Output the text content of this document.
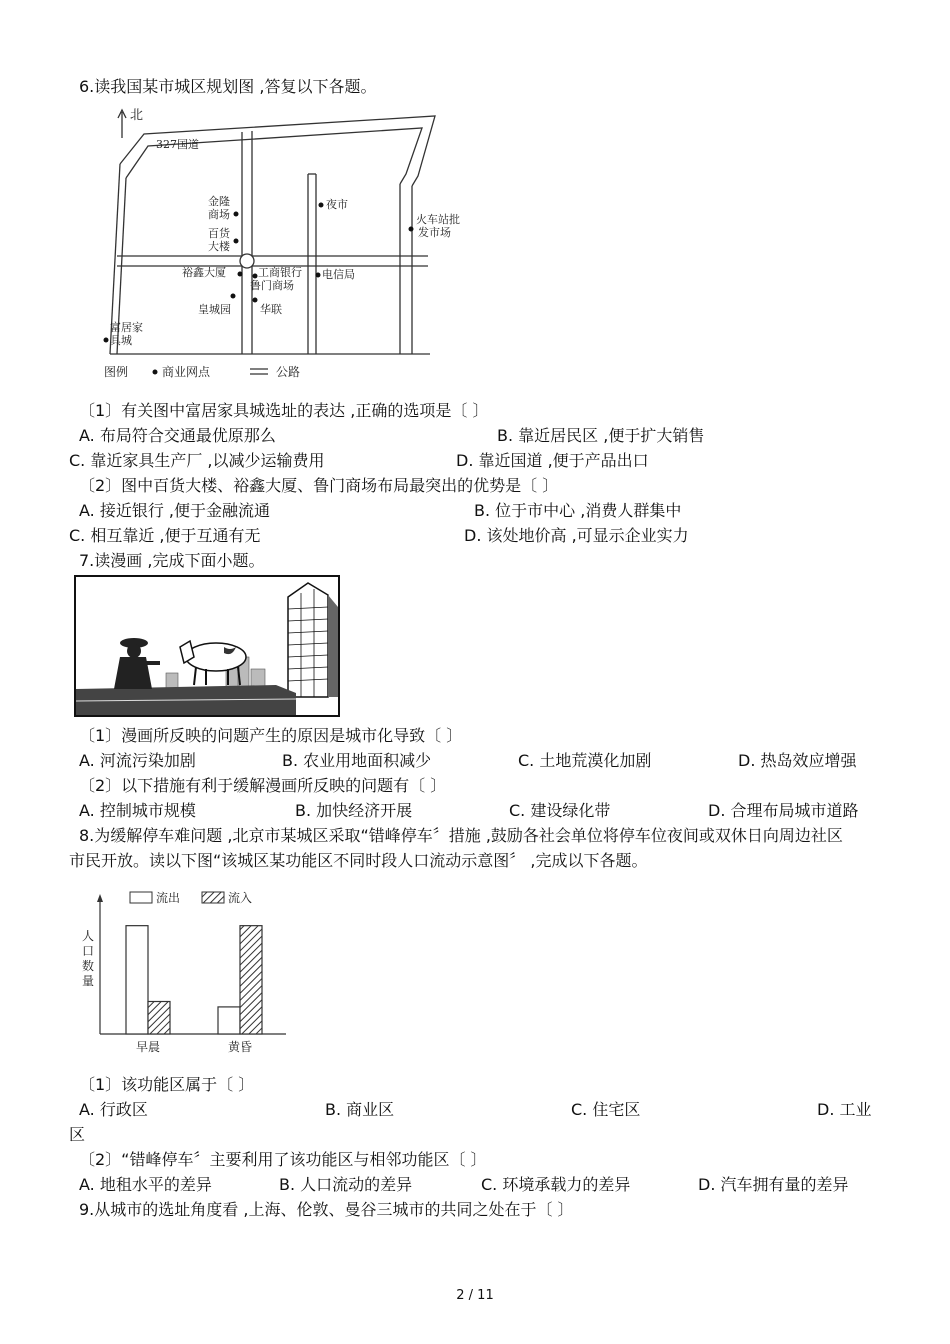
6.读我国某市城区规划图 ,答复以下各题。
北
327国道
金隆
商场
百货
大楼
夜市
火车站批
发市场
裕鑫大厦	工商银行
鲁门商场
电信局
皇城园	华联
富居家
具城
图例	商业网点	公路
〔1〕有关图中富居家具城选址的表达 ,正确的选项是〔 〕
A. 布局符合交通最优原那么	B. 靠近居民区 ,便于扩大销售
C. 靠近家具生产厂 ,以减少运输费用	D. 靠近国道 ,便于产品出口
〔2〕图中百货大楼、裕鑫大厦、鲁门商场布局最突出的优势是〔 〕
A. 接近银行 ,便于金融流通	B. 位于市中心 ,消费人群集中
C. 相互靠近 ,便于互通有无	D. 该处地价高 ,可显示企业实力
7.读漫画 ,完成下面小题。
〔1〕漫画所反映的问题产生的原因是城市化导致〔 〕
A. 河流污染加剧	B. 农业用地面积减少	C. 土地荒漠化加剧	D. 热岛效应增强
〔2〕以下措施有利于缓解漫画所反映的问题有〔 〕
A. 控制城市规模	B. 加快经济开展	C. 建设绿化带	D. 合理布局城市道路
8.为缓解停车难问题 ,北京市某城区采取“错峰停车〞措施 ,鼓励各社会单位将停车位夜间或双休日向周边社区
市民开放。读以下图“该城区某功能区不同时段人口流动示意图〞 ,完成以下各题。
人
口
数
量
流出	流入
早晨	黄昏
〔1〕该功能区属于〔 〕
A. 行政区	B. 商业区	C. 住宅区	D. 工业
区
〔2〕“错峰停车〞主要利用了该功能区与相邻功能区〔 〕
A. 地租水平的差异	B. 人口流动的差异	C. 环境承载力的差异	D. 汽车拥有量的差异
9.从城市的选址角度看 ,上海、伦敦、曼谷三城市的共同之处在于〔 〕
2 / 11
